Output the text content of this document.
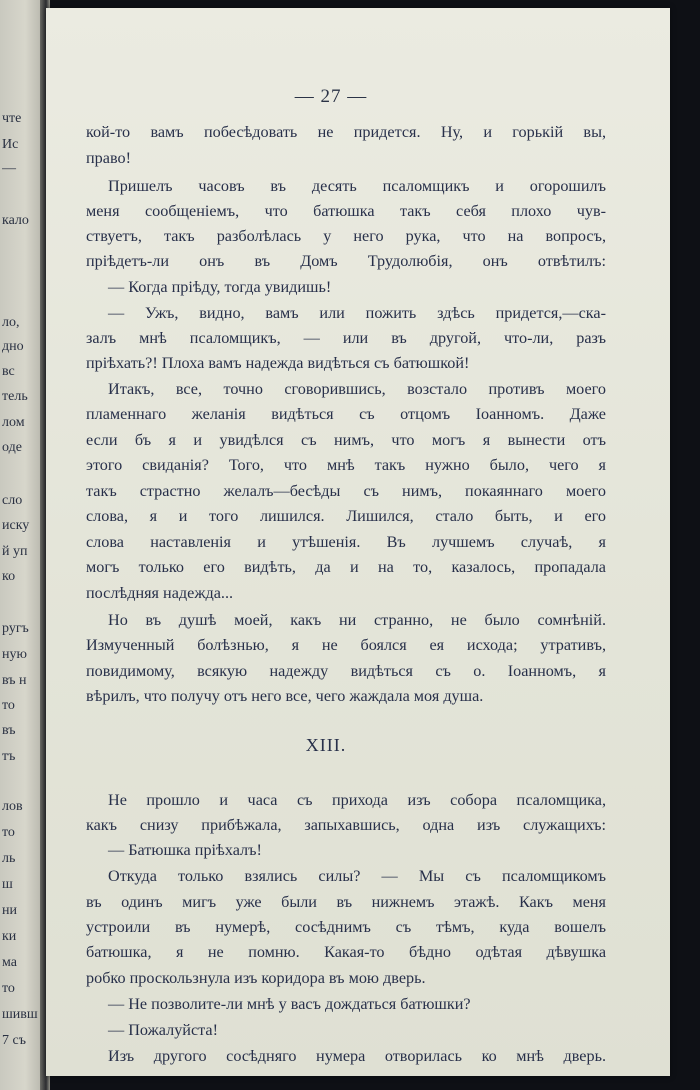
чте
Ис
—
кало
ло,
дно
вс
тель
лом
оде
сло
иску
й уп
ко
ругъ
ную
въ н
то
въ
тъ
лов
то
ль
ш
ни
ки
ма
то
шивш
7 съ
— 27 —
кой-то вамъ побесѣдовать не придется. Ну, и горькій вы,
право!
Пришелъ часовъ въ десять псаломщикъ и огорошилъ
меня сообщеніемъ, что батюшка такъ себя плохо чув-
ствуетъ, такъ разболѣлась у него рука, что на вопросъ,
пріѣдетъ-ли онъ въ Домъ Трудолюбія, онъ отвѣтилъ:
— Когда пріѣду, тогда увидишь!
— Ужъ, видно, вамъ или пожить здѣсь придется,—ска-
залъ мнѣ псаломщикъ, — или въ другой, что-ли, разъ
пріѣхать?! Плоха вамъ надежда видѣться съ батюшкой!
Итакъ, все, точно сговорившись, возстало противъ моего
пламеннаго желанія видѣться съ отцомъ Іоанномъ. Даже
если бъ я и увидѣлся съ нимъ, что могъ я вынести отъ
этого свиданія? Того, что мнѣ такъ нужно было, чего я
такъ страстно желалъ—бесѣды съ нимъ, покаяннаго моего
слова, я и того лишился. Лишился, стало быть, и его
слова наставленія и утѣшенія. Въ лучшемъ случаѣ, я
могъ только его видѣть, да и на то, казалось, пропадала
послѣдняя надежда...
Но въ душѣ моей, какъ ни странно, не было сомнѣній.
Измученный болѣзнью, я не боялся ея исхода; утративъ,
повидимому, всякую надежду видѣться съ о. Іоанномъ, я
вѣрилъ, что получу отъ него все, чего жаждала моя душа.
XIII.
Не прошло и часа съ прихода изъ собора псаломщика,
какъ снизу прибѣжала, запыхавшись, одна изъ служащихъ:
— Батюшка пріѣхалъ!
Откуда только взялись силы? — Мы съ псаломщикомъ
въ одинъ мигъ уже были въ нижнемъ этажѣ. Какъ меня
устроили въ нумерѣ, сосѣднимъ съ тѣмъ, куда вошелъ
батюшка, я не помню. Какая-то бѣдно одѣтая дѣвушка
робко проскользнула изъ коридора въ мою дверь.
— Не позволите-ли мнѣ у васъ дождаться батюшки?
— Пожалуйста!
Изъ другого сосѣдняго нумера отворилась ко мнѣ дверь.
